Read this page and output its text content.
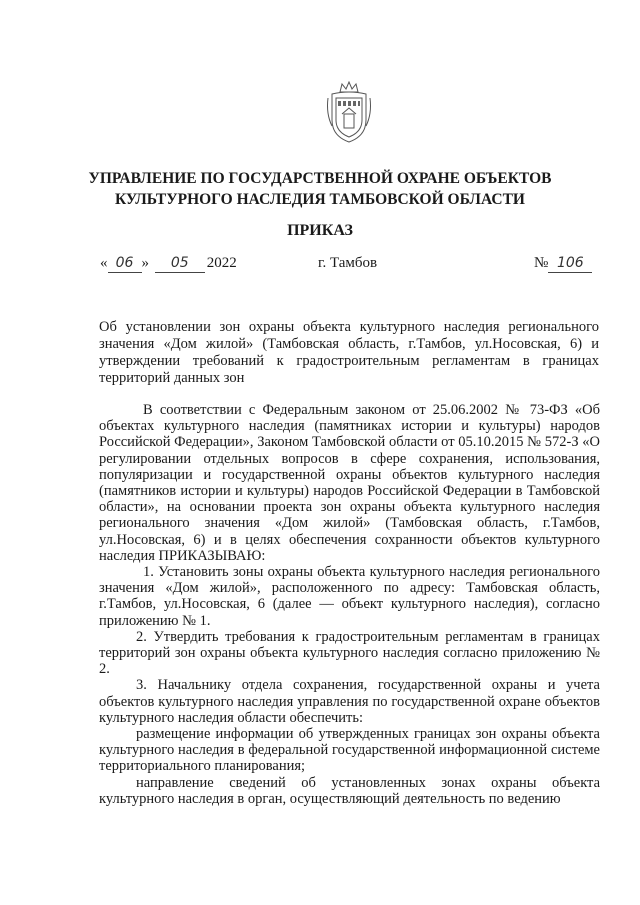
УПРАВЛЕНИЕ ПО ГОСУДАРСТВЕННОЙ ОХРАНЕ ОБЪЕКТОВ
КУЛЬТУРНОГО НАСЛЕДИЯ ТАМБОВСКОЙ ОБЛАСТИ
ПРИКАЗ
« 06 » 05 2022	г. Тамбов	№ 106
Об установлении зон охраны объекта культурного наследия регионального значения «Дом жилой» (Тамбовская область, г.Тамбов, ул.Носовская, 6) и утверждении требований к градостроительным регламентам в границах территорий данных зон

В соответствии с Федеральным законом от 25.06.2002 № 73-ФЗ «Об объектах культурного наследия (памятниках истории и культуры) народов Российской Федерации», Законом Тамбовской области от 05.10.2015 № 572-З «О регулировании отдельных вопросов в сфере сохранения, использования, популяризации и государственной охраны объектов культурного наследия (памятников истории и культуры) народов Российской Федерации в Тамбовской области», на основании проекта зон охраны объекта культурного наследия регионального значения «Дом жилой» (Тамбовская область, г.Тамбов, ул.Носовская, 6) и в целях обеспечения сохранности объектов культурного наследия ПРИКАЗЫВАЮ:

1. Установить зоны охраны объекта культурного наследия регионального значения «Дом жилой», расположенного по адресу: Тамбовская область, г.Тамбов, ул.Носовская, 6 (далее — объект культурного наследия), согласно приложению № 1.

2. Утвердить требования к градостроительным регламентам в границах территорий зон охраны объекта культурного наследия согласно приложению № 2.

3. Начальнику отдела сохранения, государственной охраны и учета объектов культурного наследия управления по государственной охране объектов культурного наследия области обеспечить:

размещение информации об утвержденных границах зон охраны объекта культурного наследия в федеральной государственной информационной системе территориального планирования;

направление сведений об установленных зонах охраны объекта культурного наследия в орган, осуществляющий деятельность по ведению
